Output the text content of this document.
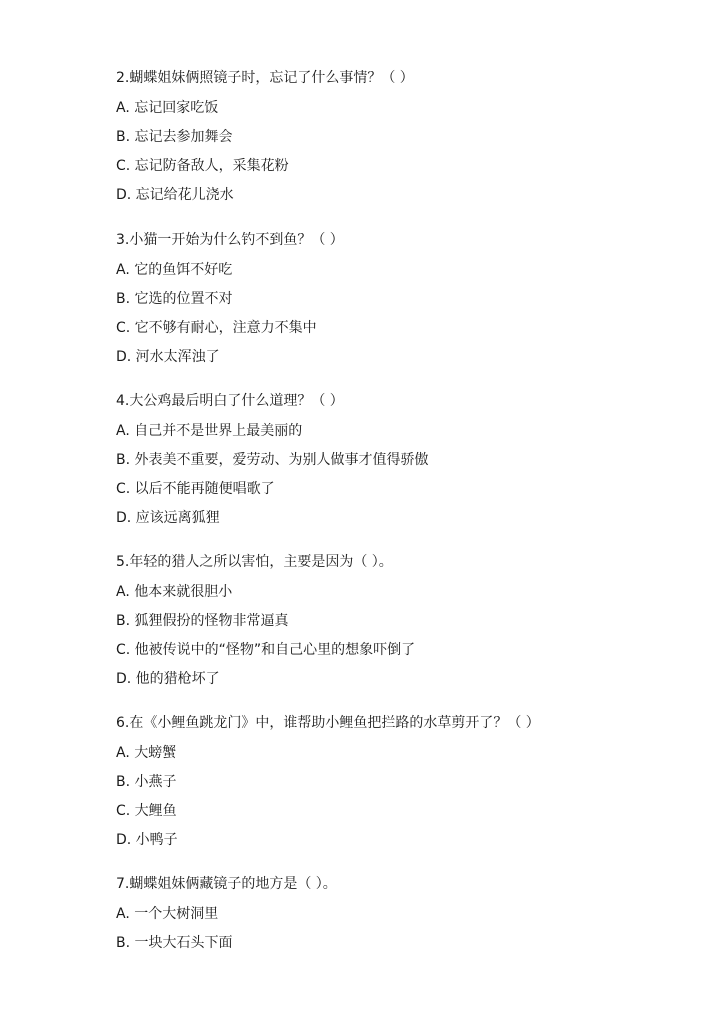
2.蝴蝶姐妹俩照镜子时，忘记了什么事情？（ ）
A. 忘记回家吃饭
B. 忘记去参加舞会
C. 忘记防备敌人，采集花粉
D. 忘记给花儿浇水
3.小猫一开始为什么钓不到鱼？（ ）
A. 它的鱼饵不好吃
B. 它选的位置不对
C. 它不够有耐心，注意力不集中
D. 河水太浑浊了
4.大公鸡最后明白了什么道理？（ ）
A. 自己并不是世界上最美丽的
B. 外表美不重要，爱劳动、为别人做事才值得骄傲
C. 以后不能再随便唱歌了
D. 应该远离狐狸
5.年轻的猎人之所以害怕，主要是因为（ ）。
A. 他本来就很胆小
B. 狐狸假扮的怪物非常逼真
C. 他被传说中的“怪物”和自己心里的想象吓倒了
D. 他的猎枪坏了
6.在《小鲤鱼跳龙门》中，谁帮助小鲤鱼把拦路的水草剪开了？（ ）
A. 大螃蟹
B. 小燕子
C. 大鲤鱼
D. 小鸭子
7.蝴蝶姐妹俩藏镜子的地方是（ ）。
A. 一个大树洞里
B. 一块大石头下面
